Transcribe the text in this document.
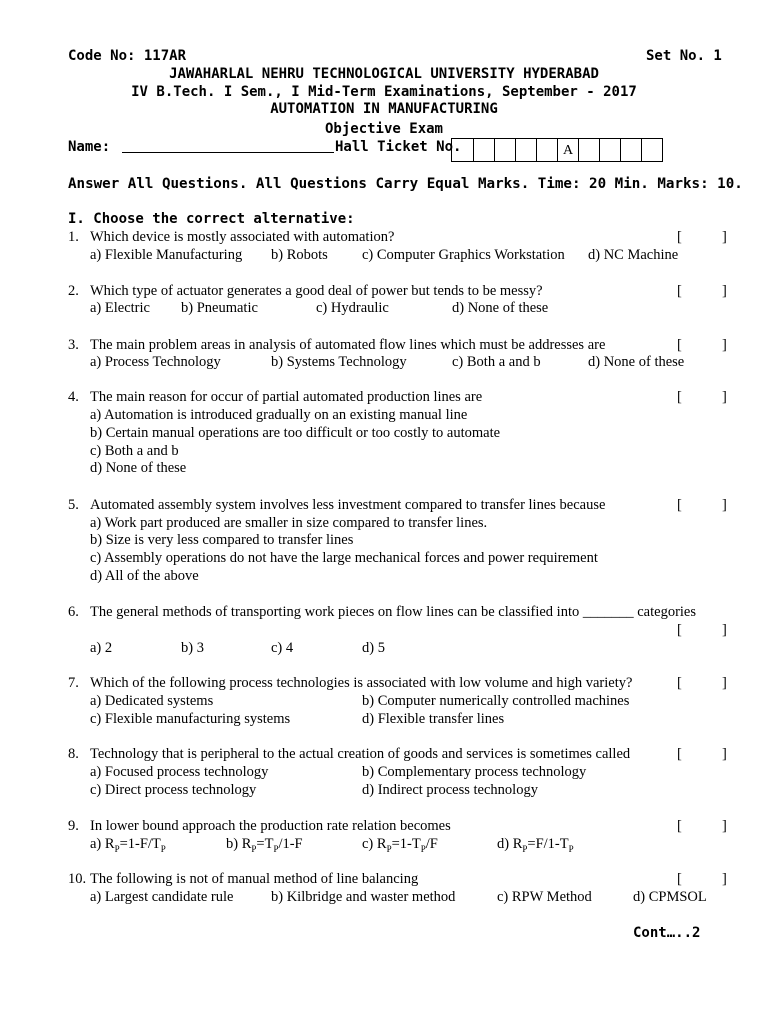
Code No: 117AR	Set No. 1
JAWAHARLAL NEHRU TECHNOLOGICAL UNIVERSITY HYDERABAD
IV B.Tech. I Sem., I Mid-Term Examinations, September - 2017
AUTOMATION IN MANUFACTURING
Objective Exam
Name:	Hall Ticket No.	A
Answer All Questions. All Questions Carry Equal Marks. Time: 20 Min. Marks: 10.
I. Choose the correct alternative:
1. Which device is mostly associated with automation?	[	]
a) Flexible Manufacturing b) Robots c) Computer Graphics Workstation d) NC Machine
2. Which type of actuator generates a good deal of power but tends to be messy?	[	]
a) Electric b) Pneumatic	c) Hydraulic	d) None of these
3. The main problem areas in analysis of automated flow lines which must be addresses are	[	]
a) Process Technology	b) Systems Technology	c) Both a and b	d) None of these
4. The main reason for occur of partial automated production lines are	[	]
a) Automation is introduced gradually on an existing manual line
b) Certain manual operations are too difficult or too costly to automate
c) Both a and b
d) None of these
5. Automated assembly system involves less investment compared to transfer lines because	[	]
a) Work part produced are smaller in size compared to transfer lines.
b) Size is very less compared to transfer lines
c) Assembly operations do not have the large mechanical forces and power requirement
d) All of the above
6. The general methods of transporting work pieces on flow lines can be classified into _______ categories
[	]
a) 2	b) 3	c) 4	d) 5
7. Which of the following process technologies is associated with low volume and high variety?	[	]
a) Dedicated systems	b) Computer numerically controlled machines
c) Flexible manufacturing systems	d) Flexible transfer lines
8. Technology that is peripheral to the actual creation of goods and services is sometimes called	[	]
a) Focused process technology	b) Complementary process technology
c) Direct process technology	d) Indirect process technology
9. In lower bound approach the production rate relation becomes	[	]
a) $R_P=1-F/T_P$	b) $R_P=T_P/1-F$	c) $R_P=1-T_P/F$	d) $R_P=F/1-T_P$
10. The following is not of manual method of line balancing	[	]
a) Largest candidate rule	b) Kilbridge and waster method	c) RPW Method	d) CPMSOL
Cont…..2
